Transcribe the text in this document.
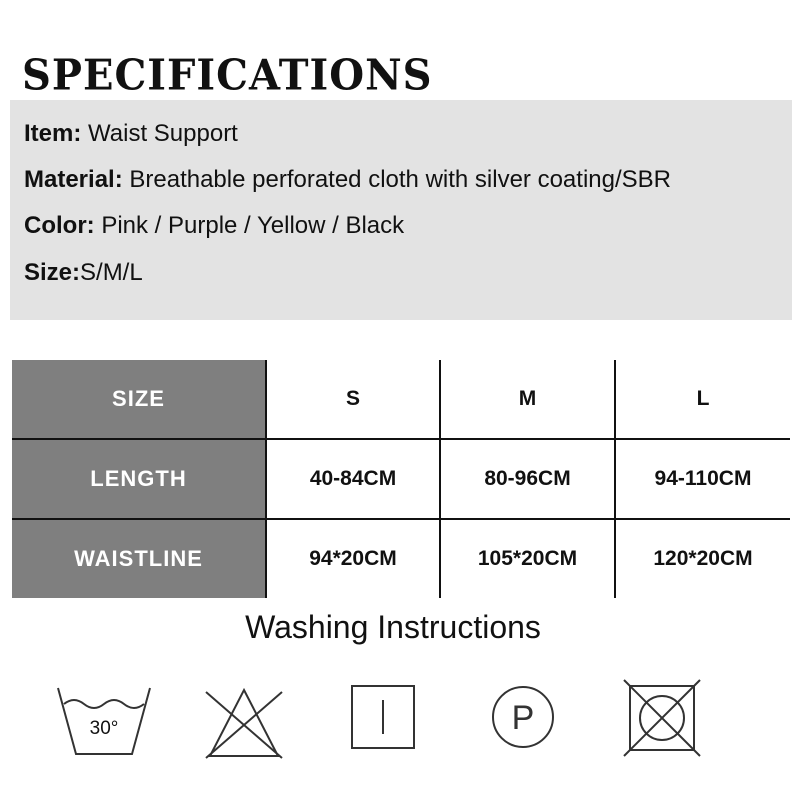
SPECIFICATIONS
Item: Waist Support
Material: Breathable perforated cloth with silver coating/SBR
Color: Pink / Purple / Yellow / Black
Size:S/M/L
SIZE	S	M	L
LENGTH	40-84CM	80-96CM	94-110CM
WAISTLINE	94*20CM	105*20CM	120*20CM
Washing Instructions
30°	P
